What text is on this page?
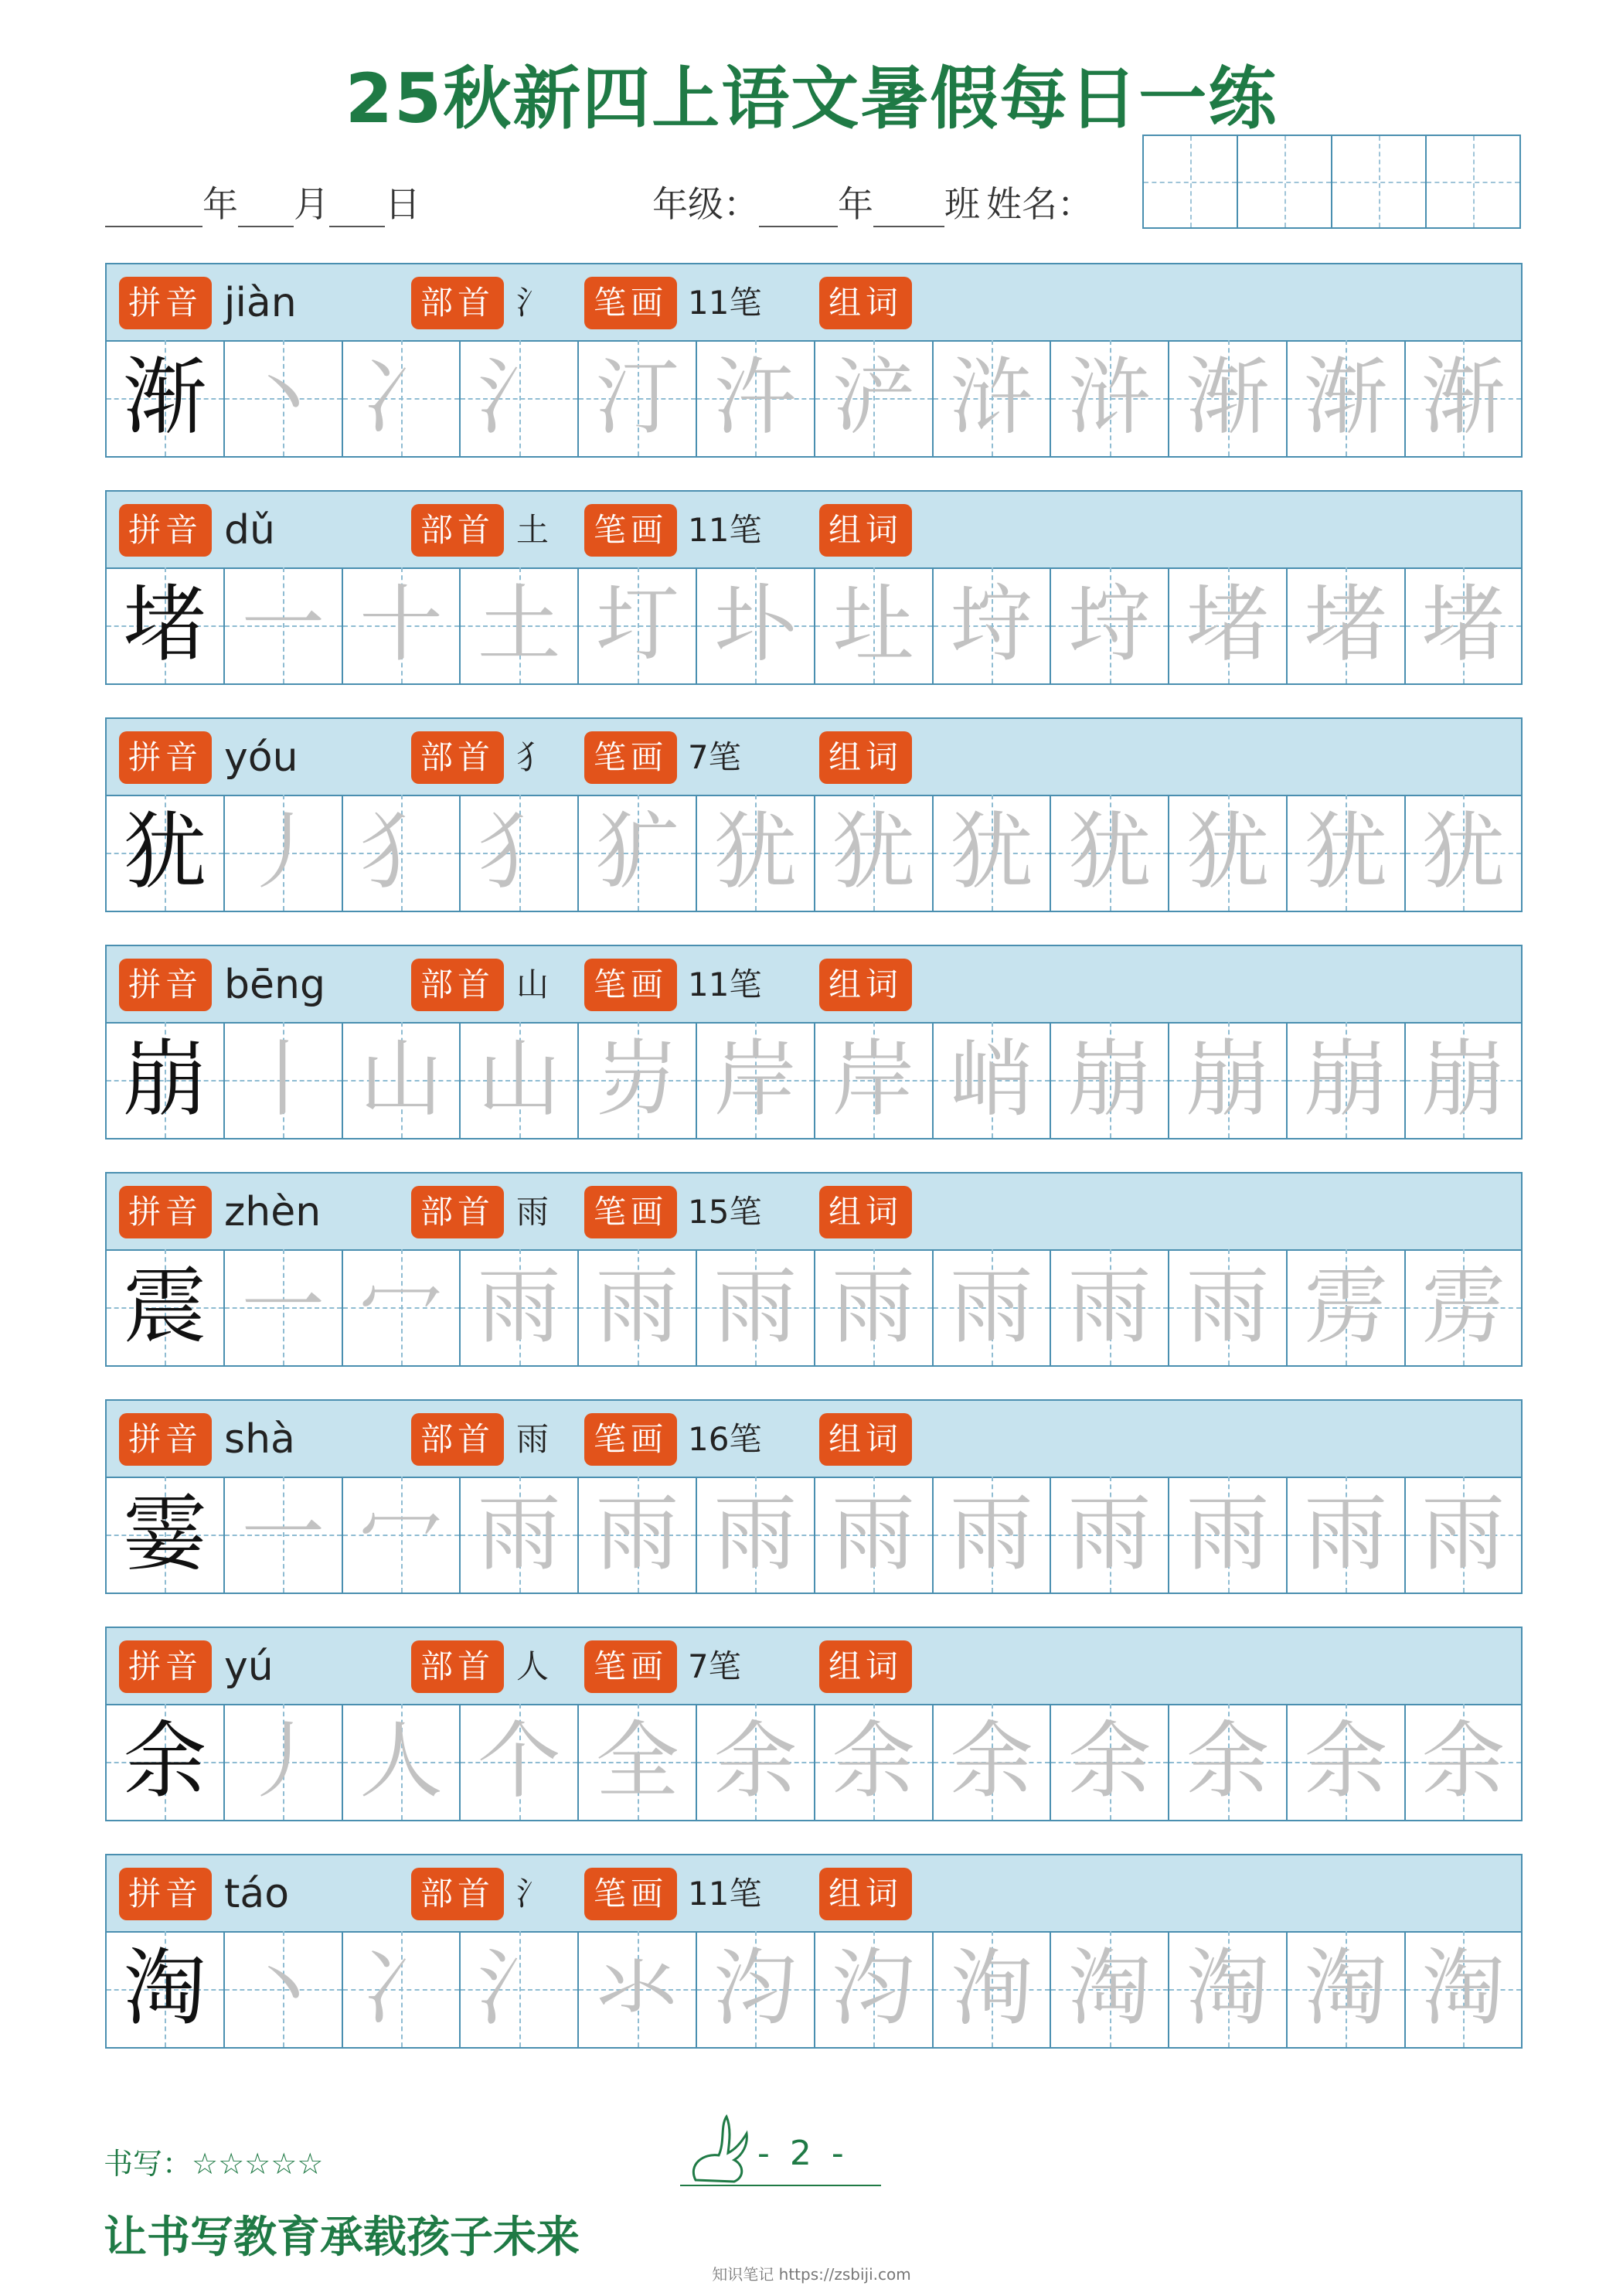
25秋新四上语文暑假每日一练
年 月 日	年级： 年 班 姓名：
拼音 jiàn	部首 氵 笔画 11笔 组词
渐 丶 冫 氵 汀 汻 浐 浒 浒 渐 渐 渐
拼音 dǔ	部首 土 笔画 11笔 组词
堵 一 十 土 圢 圤 圵 垨 垨 堵 堵 堵
拼音 yóu	部首 犭 笔画 7笔	组词
犹 丿 犭 犭 犷 犹 犹 犹 犹 犹 犹 犹
拼音 bēng	部首 山 笔画 11笔 组词
崩 丨 山 山 岃 岸 岸 峭 崩 崩 崩 崩
拼音 zhèn	部首 雨 笔画 15笔 组词
震 一 冖 雨 雨 雨 雨 雨 雨 雨 雳 雳
拼音 shà	部首 雨 笔画 16笔 组词
霎 一 冖 雨 雨 雨 雨 雨 雨 雨 雨 雨
拼音 yú	部首 人 笔画 7笔	组词
余 丿 人 个 全 余 余 余 余 余 余 余
拼音 táo	部首 氵 笔画 11笔 组词
淘 丶 冫 氵 氺 汮 汮 洵 淘 淘 淘 淘
书写：☆☆☆☆☆	- 2 -
让书写教育承载孩子未来
知识笔记 https://zsbiji.com
